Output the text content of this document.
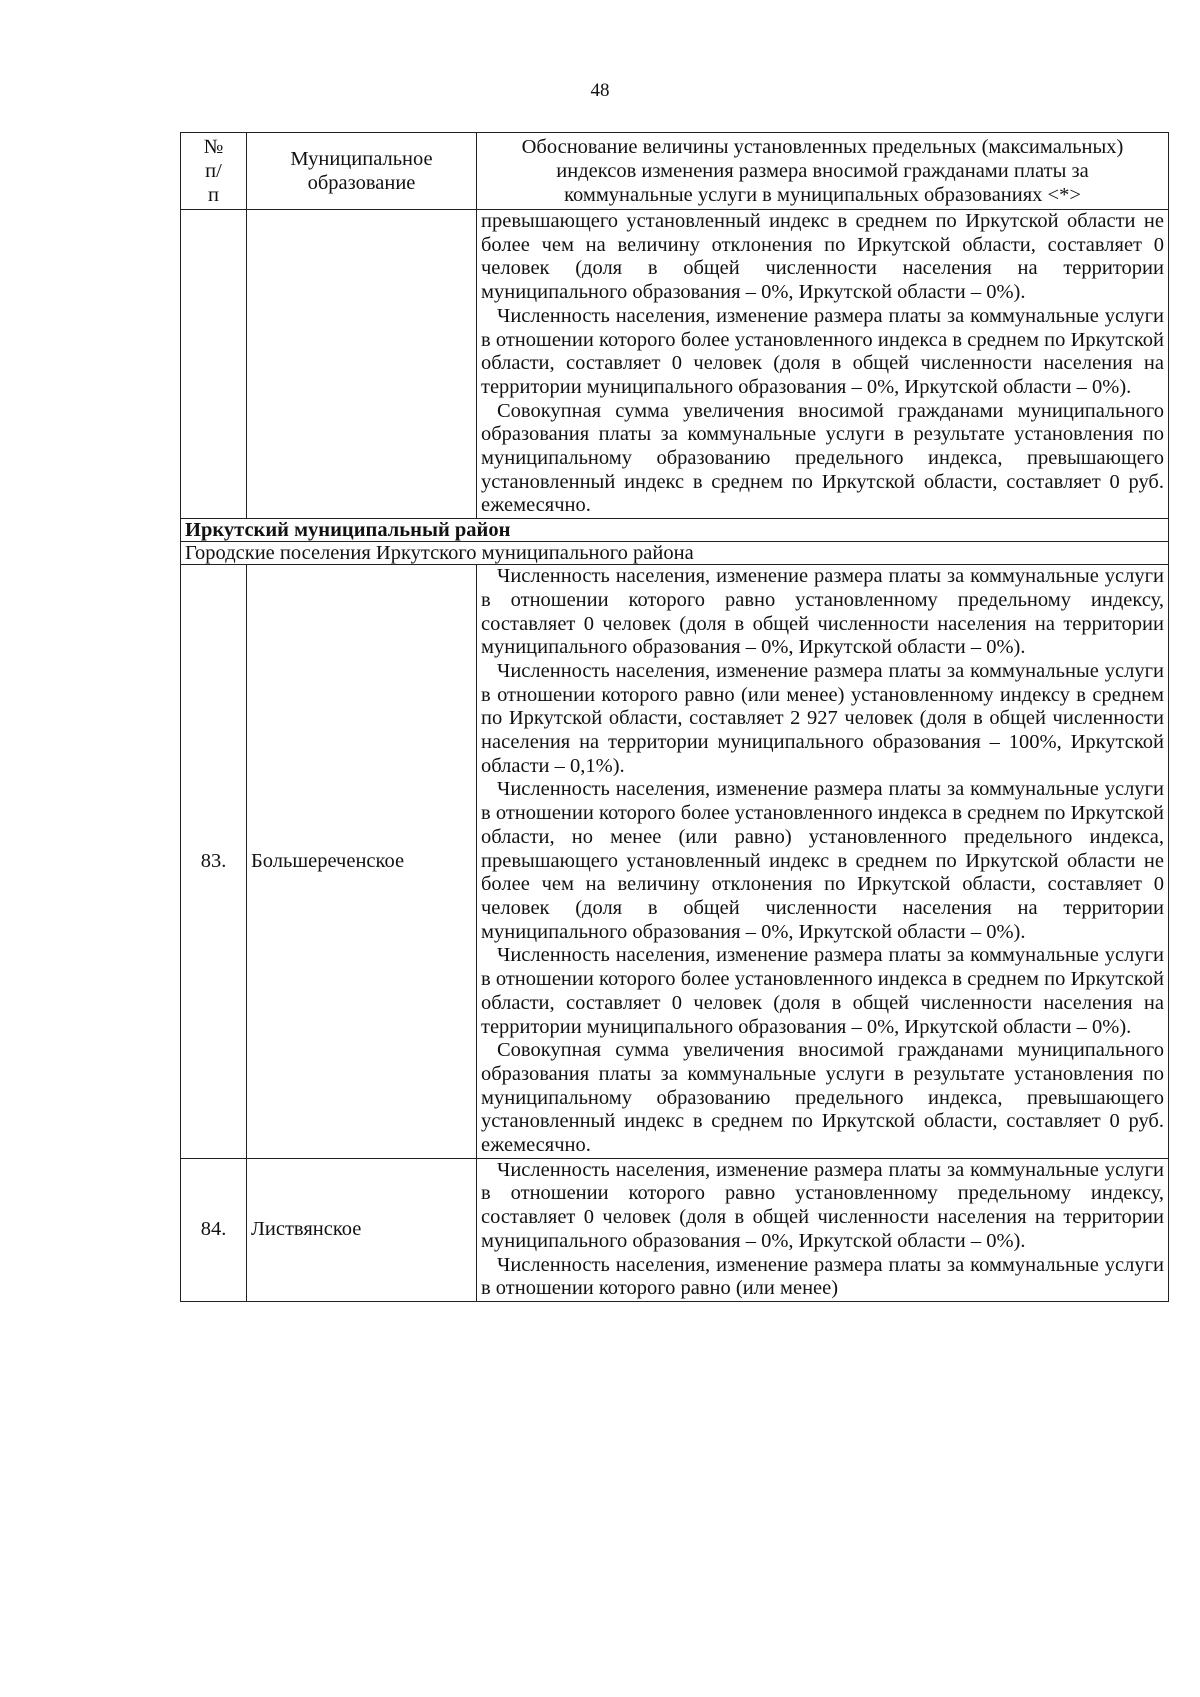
48
№ п/п	Муниципальное образование	Обоснование величины установленных предельных (максимальных) индексов изменения размера вносимой гражданами платы за коммунальные услуги в муниципальных образованиях <*>

		превышающего установленный индекс в среднем по Иркутской области не более чем на величину отклонения по Иркутской области, составляет 0 человек (доля в общей численности населения на территории муниципального образования – 0%, Иркутской области – 0%).

Численность населения, изменение размера платы за коммунальные услуги в отношении которого более установленного индекса в среднем по Иркутской области, составляет 0 человек (доля в общей численности населения на территории муниципального образования – 0%, Иркутской области – 0%).

Совокупная сумма увеличения вносимой гражданами муниципального образования платы за коммунальные услуги в результате установления по муниципальному образованию предельного индекса, превышающего установленный индекс в среднем по Иркутской области, составляет 0 руб. ежемесячно.

Иркутский муниципальный район		
Городские поселения Иркутского муниципального района		
83.	Большереченское	Численность населения, изменение размера платы за коммунальные услуги в отношении которого равно установленному предельному индексу, составляет 0 человек (доля в общей численности населения на территории муниципального образования – 0%, Иркутской области – 0%).

Численность населения, изменение размера платы за коммунальные услуги в отношении которого равно (или менее) установленному индексу в среднем по Иркутской области, составляет 2 927 человек (доля в общей численности населения на территории муниципального образования – 100%, Иркутской области – 0,1%).

Численность населения, изменение размера платы за коммунальные услуги в отношении которого более установленного индекса в среднем по Иркутской области, но менее (или равно) установленного предельного индекса, превышающего установленный индекс в среднем по Иркутской области не более чем на величину отклонения по Иркутской области, составляет 0 человек (доля в общей численности населения на территории муниципального образования – 0%, Иркутской области – 0%).

Численность населения, изменение размера платы за коммунальные услуги в отношении которого более установленного индекса в среднем по Иркутской области, составляет 0 человек (доля в общей численности населения на территории муниципального образования – 0%, Иркутской области – 0%).

Совокупная сумма увеличения вносимой гражданами муниципального образования платы за коммунальные услуги в результате установления по муниципальному образованию предельного индекса, превышающего установленный индекс в среднем по Иркутской области, составляет 0 руб. ежемесячно.

84.	Листвянское	Численность населения, изменение размера платы за коммунальные услуги в отношении которого равно установленному предельному индексу, составляет 0 человек (доля в общей численности населения на территории муниципального образования – 0%, Иркутской области – 0%).

Численность населения, изменение размера платы за коммунальные услуги в отношении которого равно (или менее)
